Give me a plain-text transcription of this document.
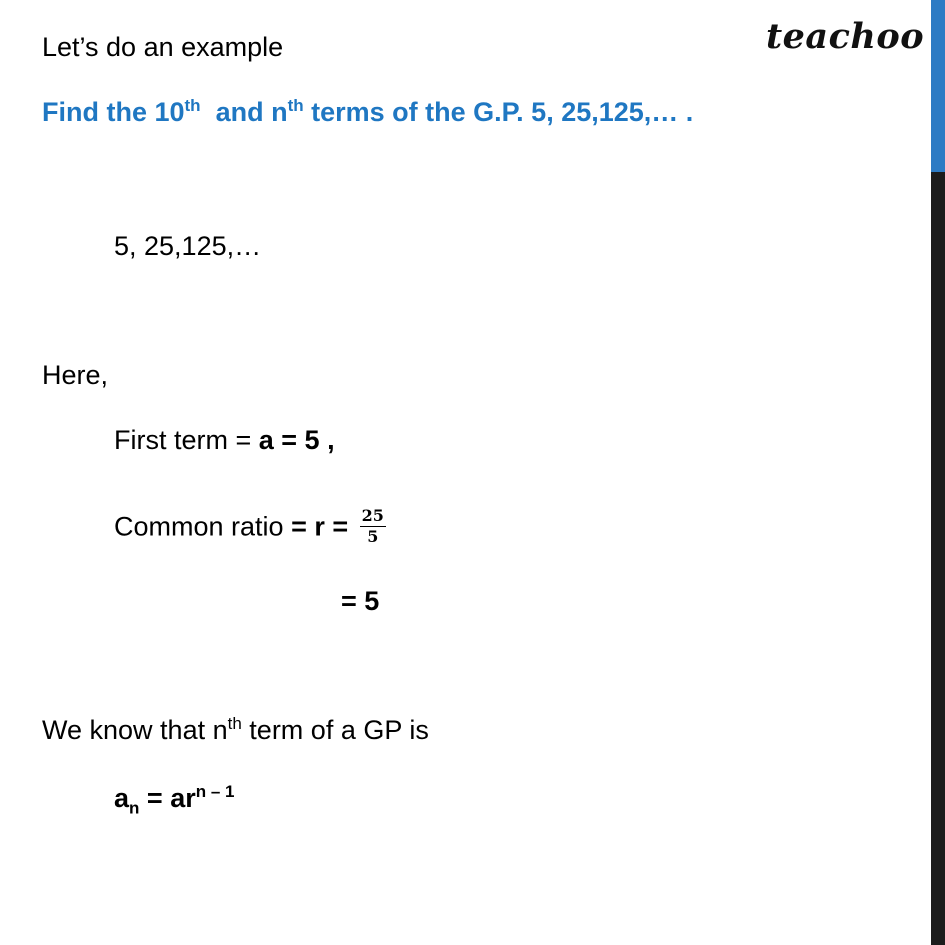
teachoo
Let’s do an example
Find the 10th  and $n^{th}$ terms of the G.P. 5, 25,125,… .
5, 25,125,…
Here,
First term = a = 5 ,
Common ratio = $r = \frac{25}{5}$
= 5
We know that $n^{th}$ term of a GP is
$a_n = ar^{n - 1}$
